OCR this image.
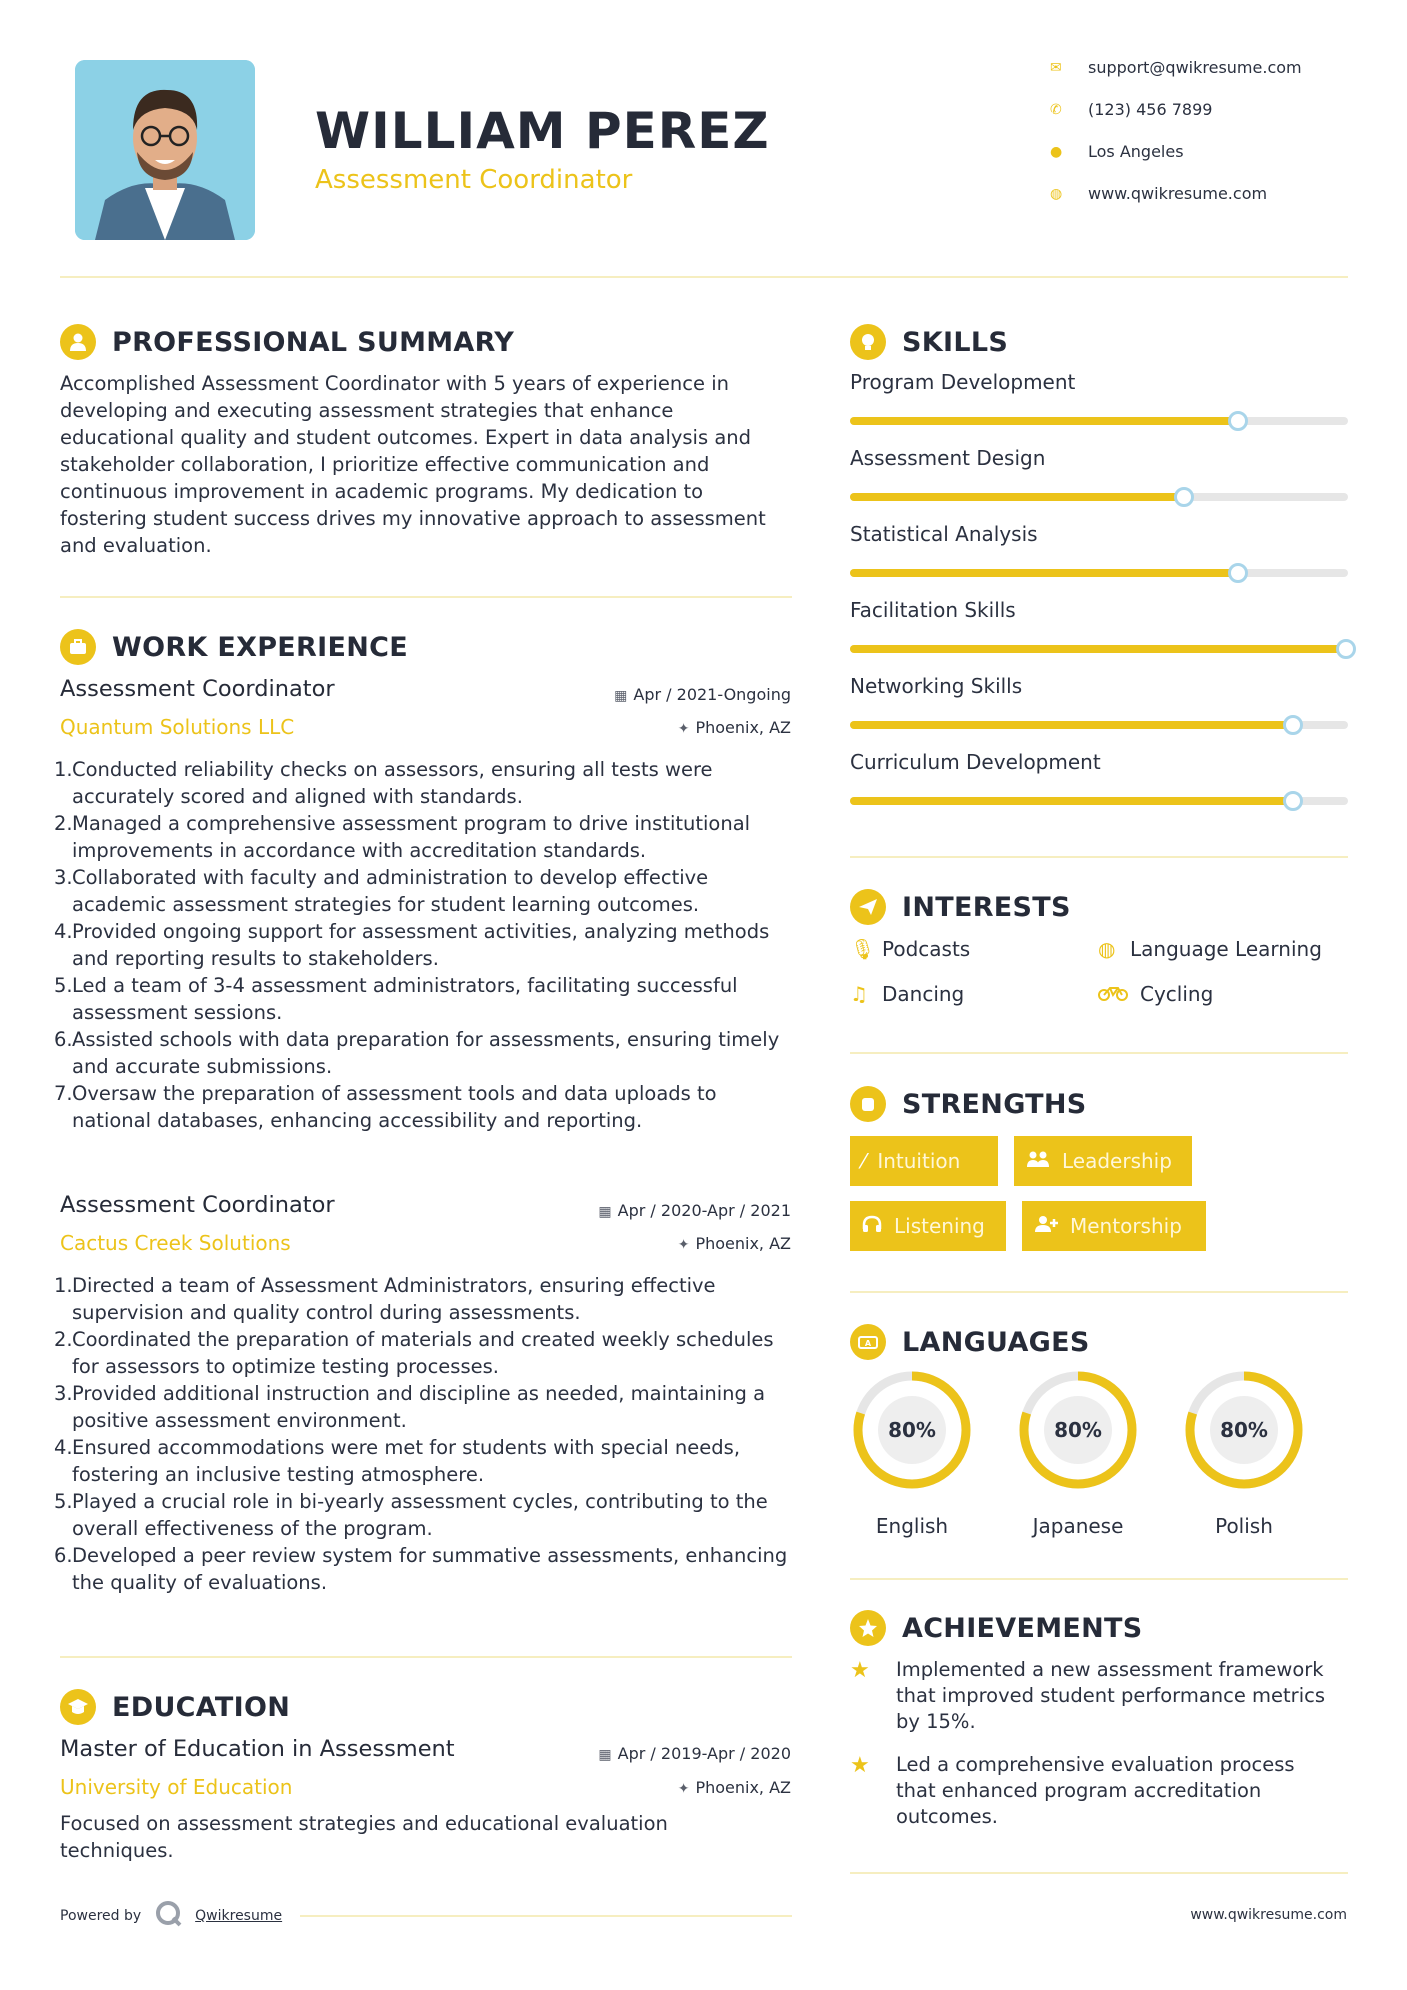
WILLIAM PEREZ
Assessment Coordinator
✉	support@qwikresume.com
✆	(123) 456 7899
●	Los Angeles
◍	www.qwikresume.com
PROFESSIONAL SUMMARY
Accomplished Assessment Coordinator with 5 years of experience in developing and executing assessment strategies that enhance educational quality and student outcomes. Expert in data analysis and stakeholder collaboration, I prioritize effective communication and continuous improvement in academic programs. My dedication to fostering student success drives my innovative approach to assessment and evaluation.
WORK EXPERIENCE
Assessment Coordinator
Quantum Solutions LLC
▦ Apr / 2021-Ongoing
✦ Phoenix, AZ
1. Conducted reliability checks on assessors, ensuring all tests were accurately scored and aligned with standards.
2. Managed a comprehensive assessment program to drive institutional improvements in accordance with accreditation standards.
3. Collaborated with faculty and administration to develop effective academic assessment strategies for student learning outcomes.
4. Provided ongoing support for assessment activities, analyzing methods and reporting results to stakeholders.
5. Led a team of 3-4 assessment administrators, facilitating successful assessment sessions.
6. Assisted schools with data preparation for assessments, ensuring timely and accurate submissions.
7. Oversaw the preparation of assessment tools and data uploads to national databases, enhancing accessibility and reporting.
Assessment Coordinator
Cactus Creek Solutions
▦ Apr / 2020-Apr / 2021
✦ Phoenix, AZ
1. Directed a team of Assessment Administrators, ensuring effective supervision and quality control during assessments.
2. Coordinated the preparation of materials and created weekly schedules for assessors to optimize testing processes.
3. Provided additional instruction and discipline as needed, maintaining a positive assessment environment.
4. Ensured accommodations were met for students with special needs, fostering an inclusive testing atmosphere.
5. Played a crucial role in bi-yearly assessment cycles, contributing to the overall effectiveness of the program.
6. Developed a peer review system for summative assessments, enhancing the quality of evaluations.
EDUCATION
Master of Education in Assessment
University of Education
▦ Apr / 2019-Apr / 2020
✦ Phoenix, AZ
Focused on assessment strategies and educational evaluation techniques.
SKILLS
Program Development
Assessment Design
Statistical Analysis
Facilitation Skills
Networking Skills
Curriculum Development
INTERESTS
🎙︎ Podcasts	◍ Language Learning
♫ Dancing	Cycling
STRENGTHS
⁄ Intuition	Leadership
Listening	Mentorship
A LANGUAGES
80%
English
80%
Japanese
80%
Polish
ACHIEVEMENTS
★ Implemented a new assessment framework that improved student performance metrics by 15%.
★ Led a comprehensive evaluation process that enhanced program accreditation outcomes.
Powered by	Qwikresume	www.qwikresume.com
